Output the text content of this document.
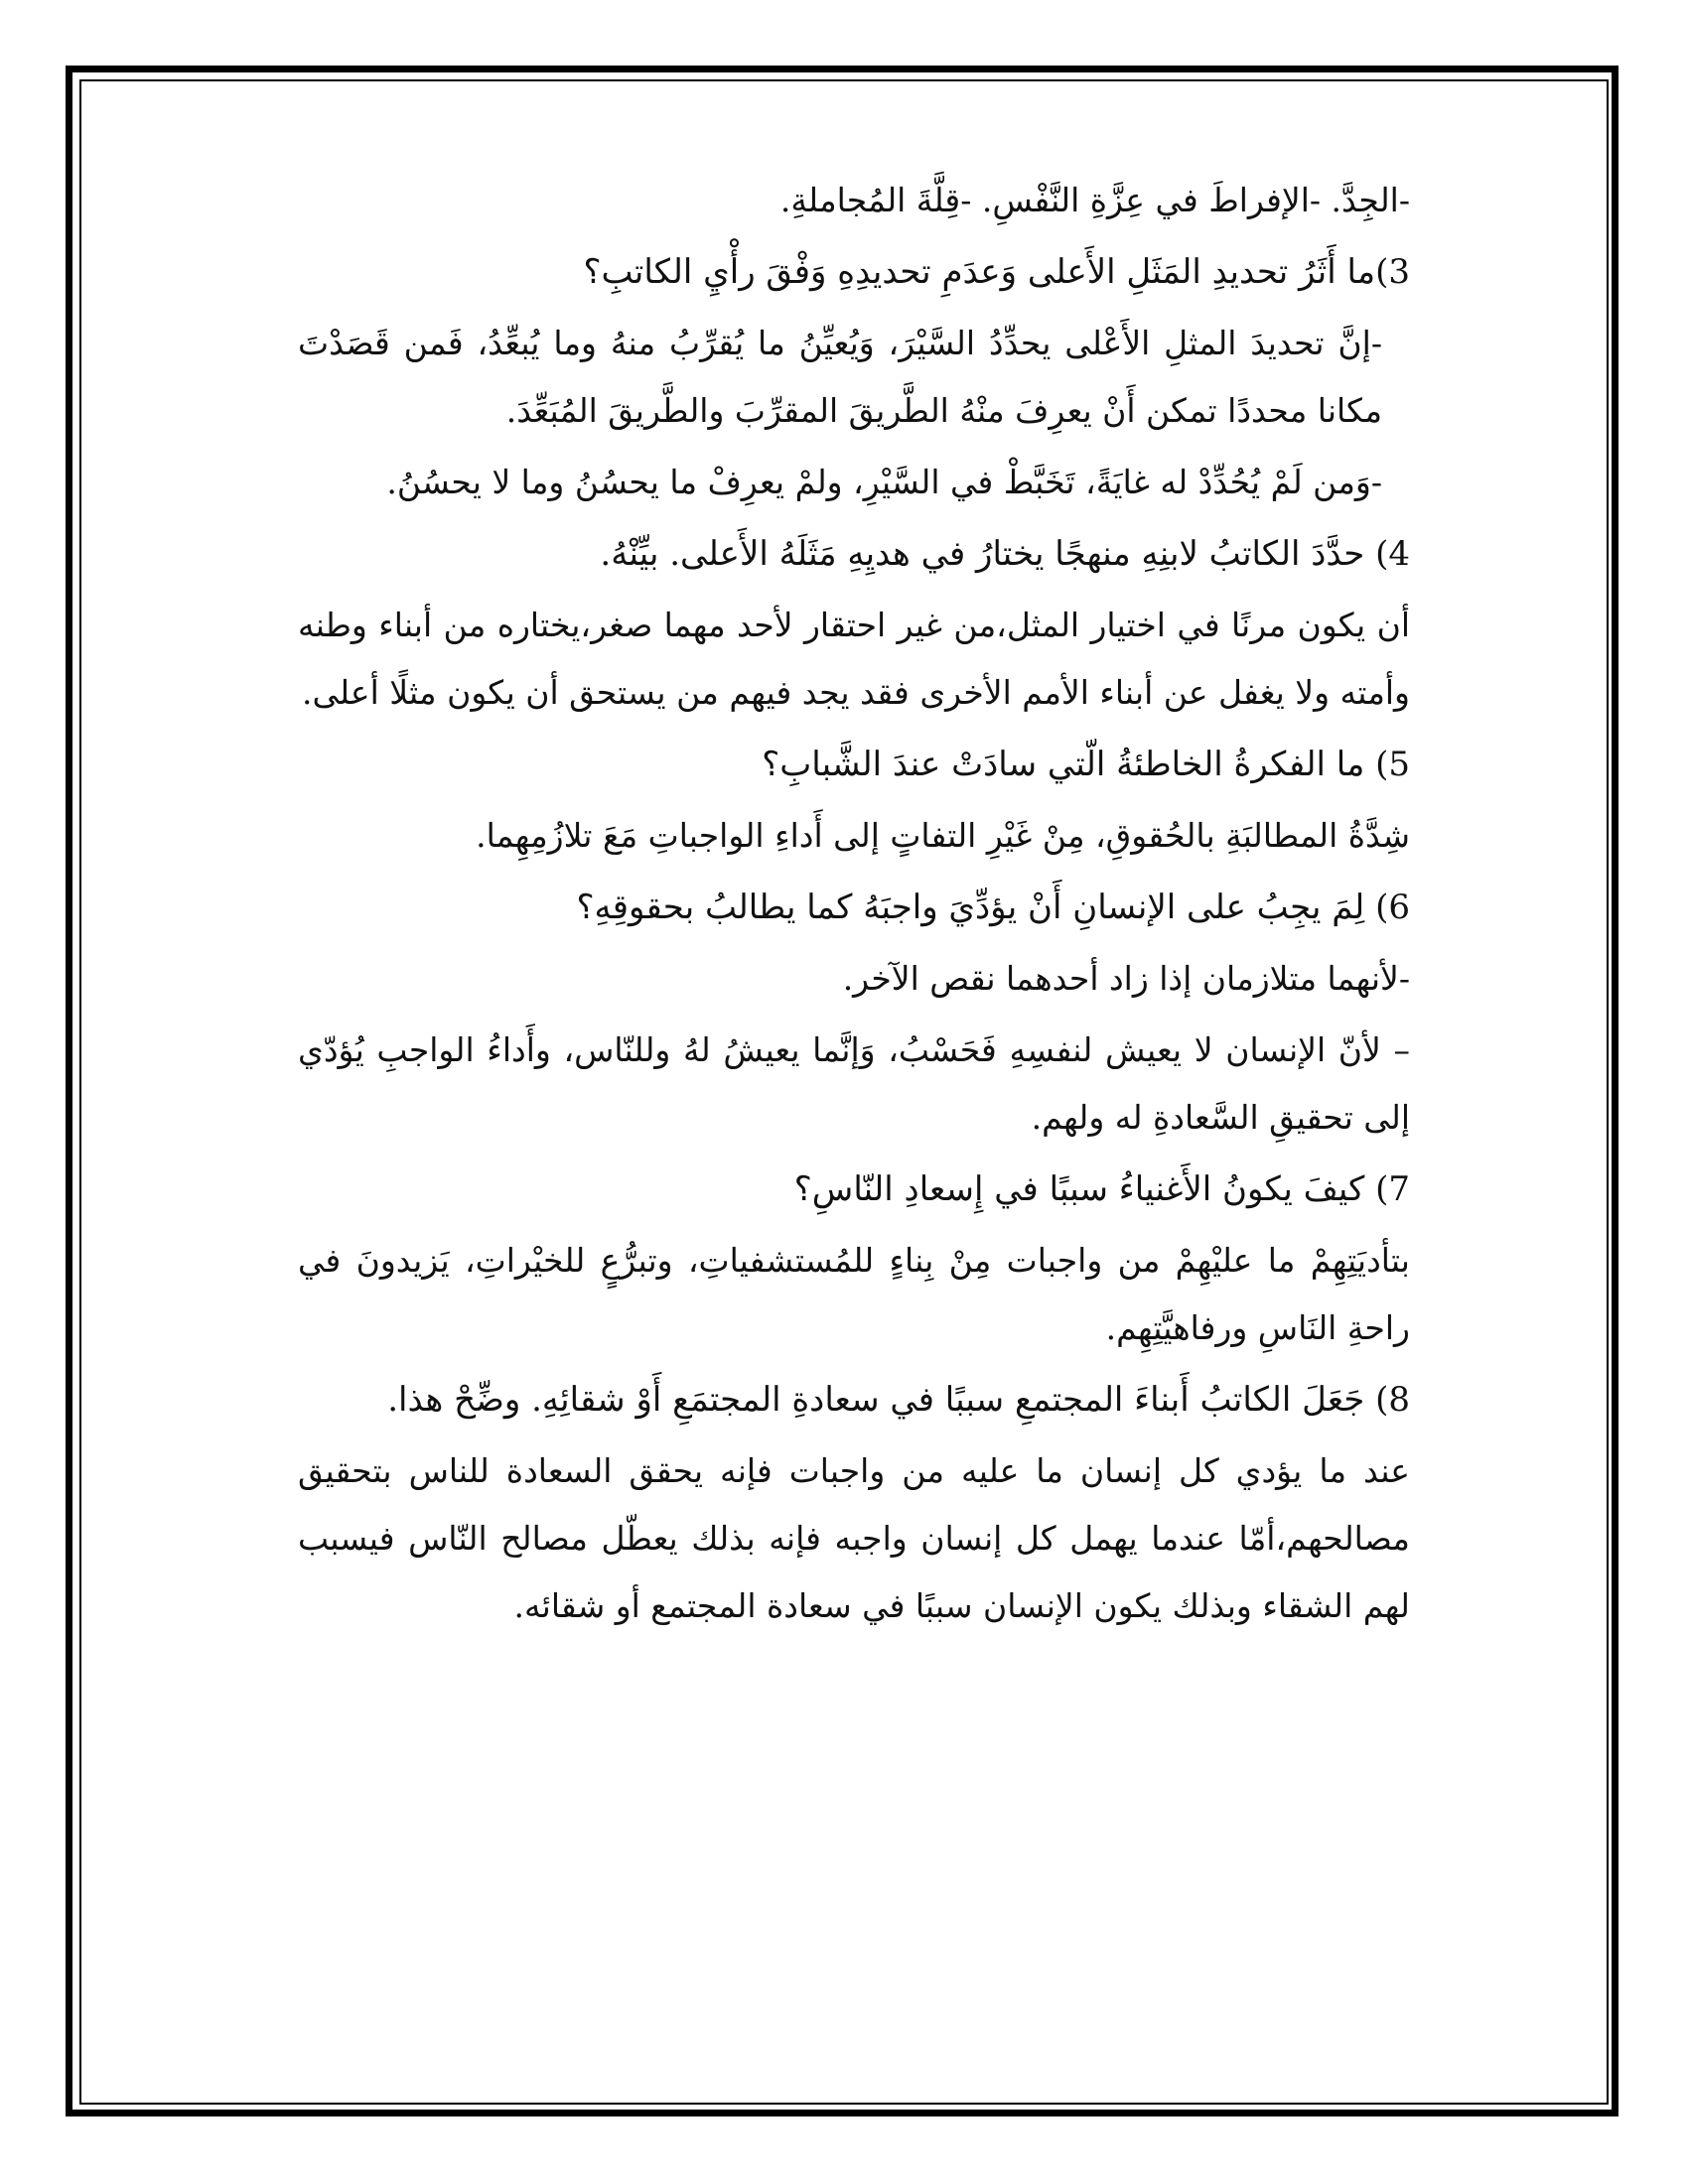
-الجِدَّ. -الإفراطَ في عِزَّةِ النَّفْسِ. -قِلَّةَ المُجاملةِ.

3)ما أَثَرُ تحديدِ المَثَلِ الأَعلى وَعدَمِ تحديدِهِ وَفْقَ رأْيِ الكاتبِ؟

-إنَّ تحديدَ المثلِ الأَعْلى يحدِّدُ السَّيْرَ، وَيُعيِّنُ ما يُقرِّبُ منهُ وما يُبعِّدُ، فَمن قَصَدْتَ مكانا محددًا تمكن أَنْ يعرِفَ منْهُ الطَّريقَ المقرِّبَ والطَّريقَ المُبَعِّدَ.

-وَمن لَمْ يُحُدِّدْ له غايَةً، تَخَبَّطْ في السَّيْرِ، ولمْ يعرِفْ ما يحسُنُ وما لا يحسُنُ.

4) حدَّدَ الكاتبُ لابنِهِ منهجًا يختارُ في هديِهِ مَثَلَهُ الأَعلى. بيِّنْهُ.

أن يكون مرنًا في اختيار المثل،من غير احتقار لأحد مهما صغر،يختاره من أبناء وطنه وأمته ولا يغفل عن أبناء الأمم الأخرى فقد يجد فيهم من يستحق أن يكون مثلًا أعلى.

5) ما الفكرةُ الخاطئةُ الّتي سادَتْ عندَ الشَّبابِ؟

شِدَّةُ المطالبَةِ بالحُقوقِ، مِنْ غَيْرِ التفاتٍ إلى أَداءِ الواجباتِ مَعَ تلازُمِهِما.

6) لِمَ يجِبُ على الإنسانِ أَنْ يؤدِّيَ واجبَهُ كما يطالبُ بحقوقِهِ؟

-لأنهما متلازمان إذا زاد أحدهما نقص الآخر.

– لأنّ الإنسان لا يعيش لنفسِهِ فَحَسْبُ، وَإنَّما يعيشُ لهُ وللنّاس، وأَداءُ الواجبِ يُؤدّي إلى تحقيقِ السَّعادةِ له ولهم.

7) كيفَ يكونُ الأَغنياءُ سببًا في إِسعادِ النّاسِ؟

بتأديَتِهِمْ ما عليْهِمْ من واجبات مِنْ بِناءٍ للمُستشفياتِ، وتبرُّعٍ للخيْراتِ، يَزيدونَ في راحةِ النَاسِ ورفاهيَّتِهِم.

8) جَعَلَ الكاتبُ أَبناءَ المجتمعِ سببًا في سعادةِ المجتمَعِ أَوْ شقائِهِ. وضِّحْ هذا.

عند ما يؤدي كل إنسان ما عليه من واجبات فإنه يحقق السعادة للناس بتحقيق مصالحهم،أمّا عندما يهمل كل إنسان واجبه فإنه بذلك يعطّل مصالح النّاس فيسبب لهم الشقاء وبذلك يكون الإنسان سببًا في سعادة المجتمع أو شقائه.
